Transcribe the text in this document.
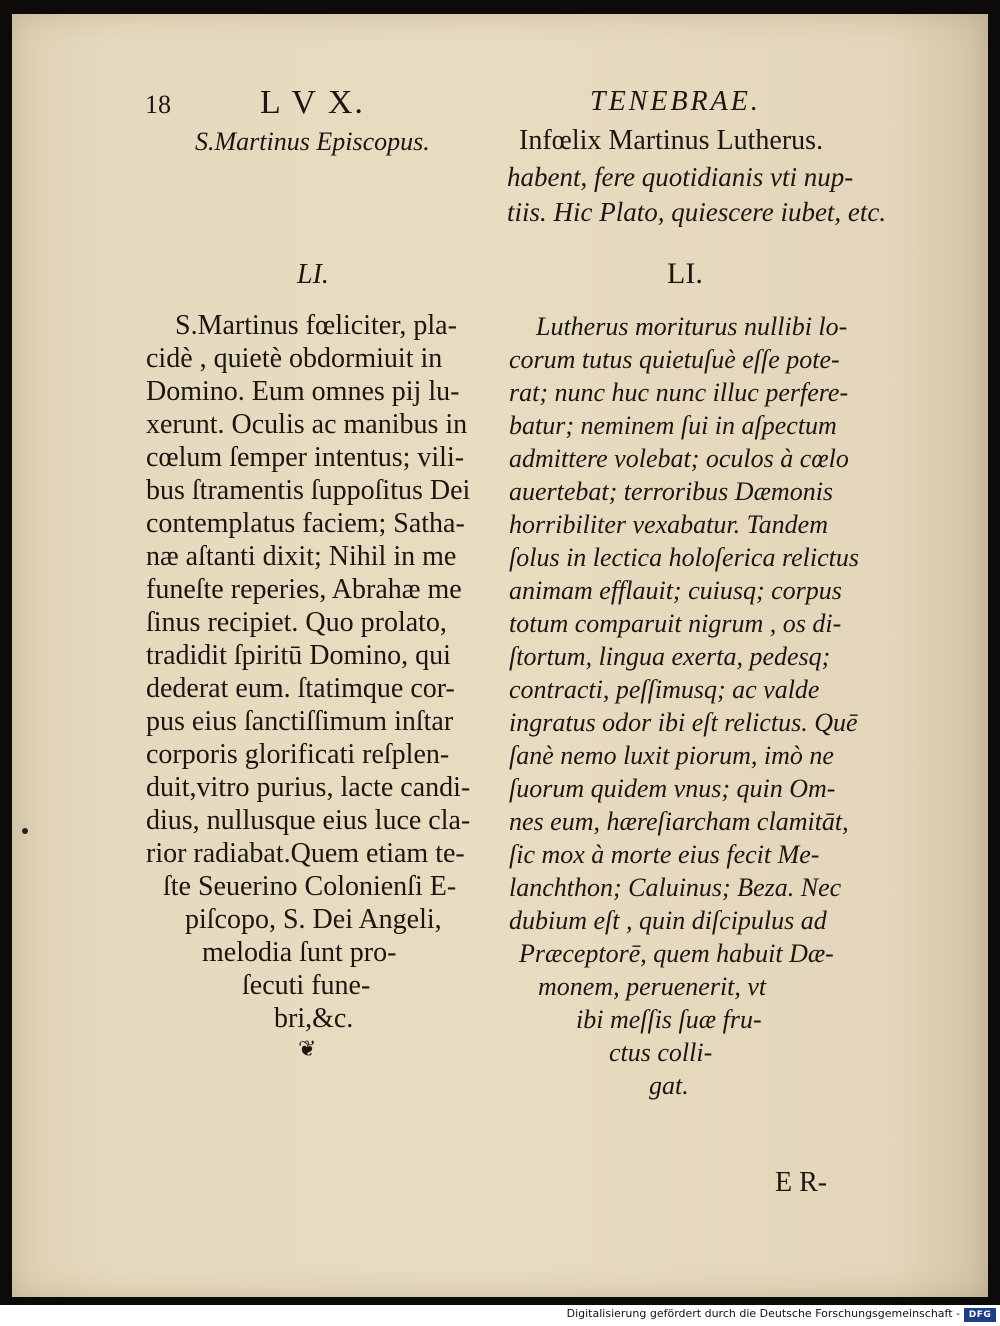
18	L V X.	TENEBRAE.
S.Martinus Episcopus.	Infœlix Martinus Lutherus.
habent, fere quotidianis vti nup-
tiis. Hic Plato, quiescere iubet, etc.
LI.	LI.
S.Martinus fœliciter, pla-
cidè , quietè obdormiuit in
Domino. Eum omnes pij lu-
xerunt. Oculis ac manibus in
cœlum ſemper intentus; vili-
bus ſtramentis ſuppoſitus Dei
contemplatus faciem; Satha-
næ aſtanti dixit; Nihil in me
funeſte reperies, Abrahæ me
ſinus recipiet. Quo prolato,
tradidit ſpiritū Domino, qui
dederat eum. ſtatimque cor-
pus eius ſanctiſſimum inſtar
corporis glorificati reſplen-
duit,vitro purius, lacte candi-
dius, nullusque eius luce cla-
rior radiabat.Quem etiam te-
ſte Seuerino Colonienſi E-
piſcopo, S. Dei Angeli,
melodia ſunt pro-
ſecuti fune-
bri,&c.
❦
Lutherus moriturus nullibi lo-
corum tutus quietuſuè eſſe pote-
rat; nunc huc nunc illuc perfere-
batur; neminem ſui in aſpectum
admittere volebat; oculos à cœlo
auertebat; terroribus Dæmonis
horribiliter vexabatur. Tandem
ſolus in lectica holoſerica relictus
animam efflauit; cuiusq; corpus
totum comparuit nigrum , os di-
ſtortum, lingua exerta, pedesq;
contracti, peſſimusq; ac valde
ingratus odor ibi eſt relictus. Quē
ſanè nemo luxit piorum, imò ne
ſuorum quidem vnus; quin Om-
nes eum, hæreſiarcham clamitāt,
ſic mox à morte eius fecit Me-
lanchthon; Caluinus; Beza. Nec
dubium eſt , quin diſcipulus ad
Præceptorē, quem habuit Dæ-
monem, peruenerit, vt
ibi meſſis ſuæ fru-
ctus colli-
gat.
E R-
Digitalisierung gefördert durch die Deutsche Forschungsgemeinschaft - DFG
